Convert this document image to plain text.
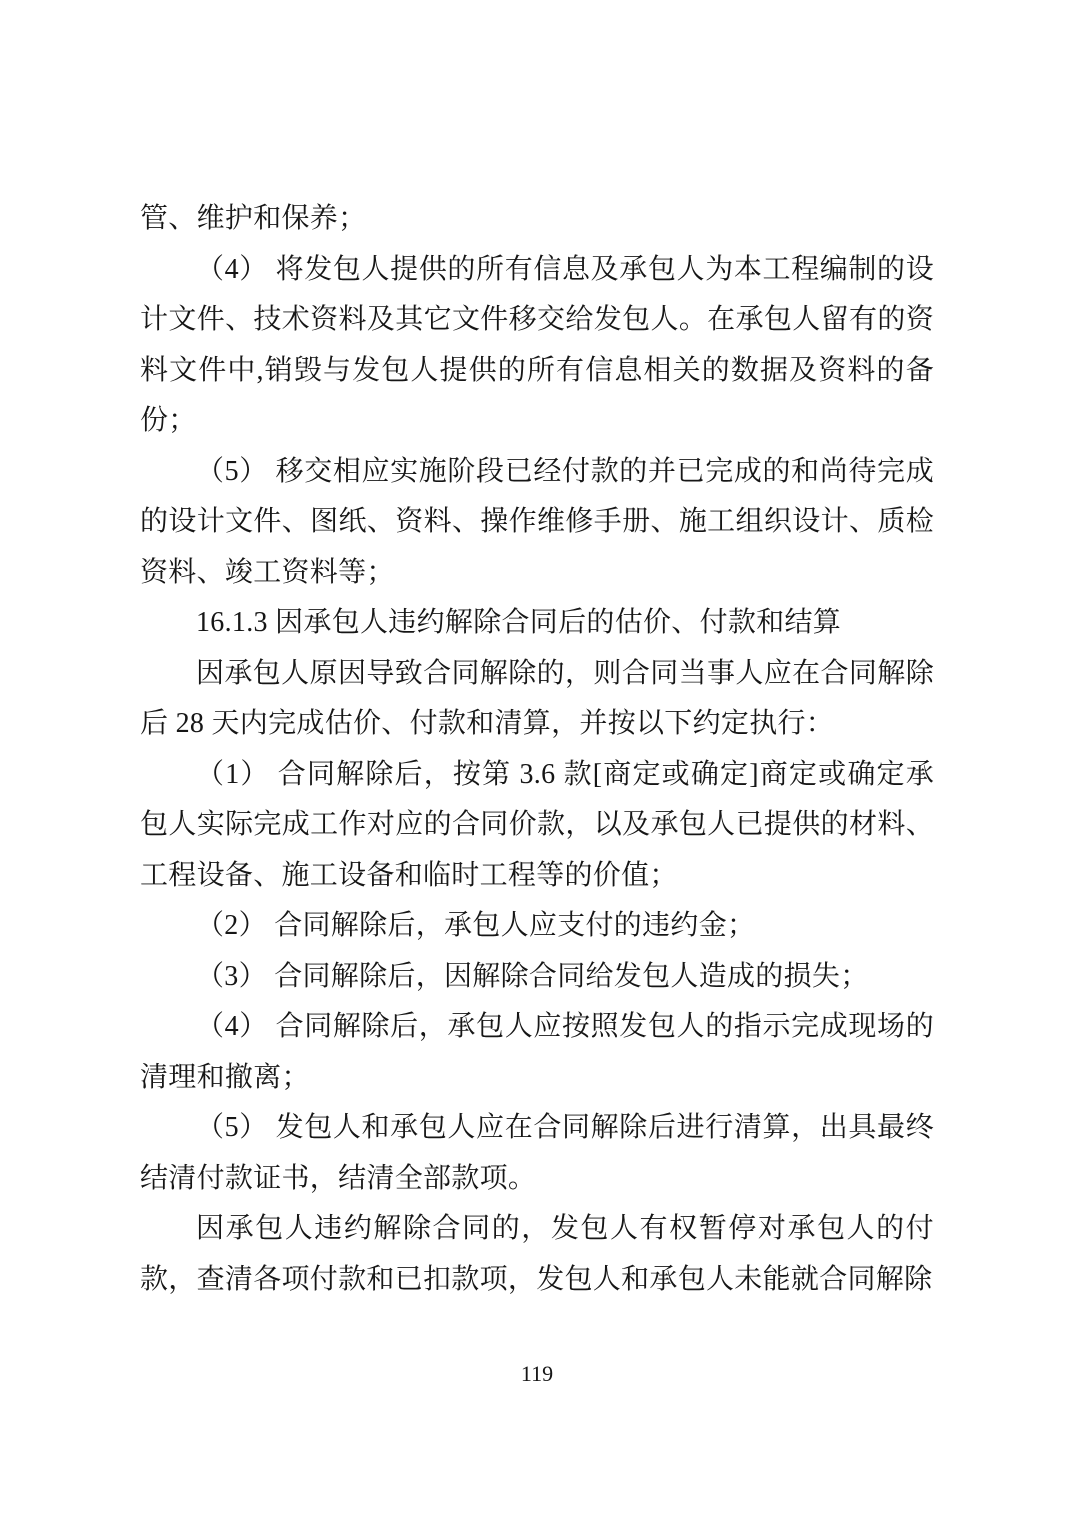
管、维护和保养；

（4） 将发包人提供的所有信息及承包人为本工程编制的设计文件、技术资料及其它文件移交给发包人。在承包人留有的资料文件中,销毁与发包人提供的所有信息相关的数据及资料的备份；

（5） 移交相应实施阶段已经付款的并已完成的和尚待完成的设计文件、图纸、资料、操作维修手册、施工组织设计、质检资料、竣工资料等；

16.1.3 因承包人违约解除合同后的估价、付款和结算

因承包人原因导致合同解除的，则合同当事人应在合同解除后 28 天内完成估价、付款和清算，并按以下约定执行：

（1） 合同解除后，按第 3.6 款[商定或确定]商定或确定承包人实际完成工作对应的合同价款，以及承包人已提供的材料、工程设备、施工设备和临时工程等的价值；

（2） 合同解除后，承包人应支付的违约金；

（3） 合同解除后，因解除合同给发包人造成的损失；

（4） 合同解除后，承包人应按照发包人的指示完成现场的清理和撤离；

（5） 发包人和承包人应在合同解除后进行清算，出具最终结清付款证书，结清全部款项。

因承包人违约解除合同的，发包人有权暂停对承包人的付款，查清各项付款和已扣款项，发包人和承包人未能就合同解除

119
